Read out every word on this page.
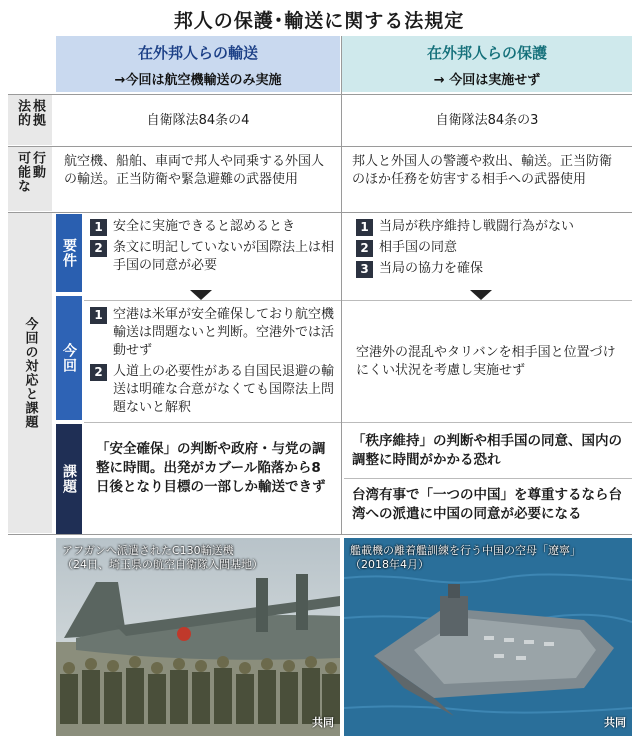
邦人の保護･輸送に関する法規定
在外邦人らの輸送
→今回は航空機輸送のみ実施
在外邦人らの保護
→ 今回は実施せず
法的 根拠	自衛隊法84条の4	自衛隊法84条の3
可能な 行動 航空機、船舶、車両で邦人や同乗する外国人の輸送。正当防衛や緊急避難の武器使用
邦人と外国人の警護や救出、輸送。正当防衛のほか任務を妨害する相手への武器使用
今回の対応と課題
要件
1 安全に実施できると認めるとき
2 条文に明記していないが国際法上は相手国の同意が必要
1 当局が秩序維持し戦闘行為がない
2 相手国の同意
3 当局の協力を確保
今回
1 空港は米軍が安全確保しており航空機輸送は問題ないと判断。空港外では活動せず
2 人道上の必要性がある自国民退避の輸送は明確な合意がなくても国際法上問題ないと解釈
空港外の混乱やタリバンを相手国と位置づけにくい状況を考慮し実施せず
課題
「安全確保」の判断や政府・与党の調整に時間。出発がカブール陥落から8日後となり目標の一部しか輸送できず
「秩序維持」の判断や相手国の同意、国内の調整に時間がかかる恐れ
台湾有事で「一つの中国」を尊重するなら台湾への派遣に中国の同意が必要になる
アフガンへ派遣されたC130輸送機
（24日、埼玉県の航空自衛隊入間基地）
共同
艦載機の離着艦訓練を行う中国の空母「遼寧」
（2018年4月）
共同
